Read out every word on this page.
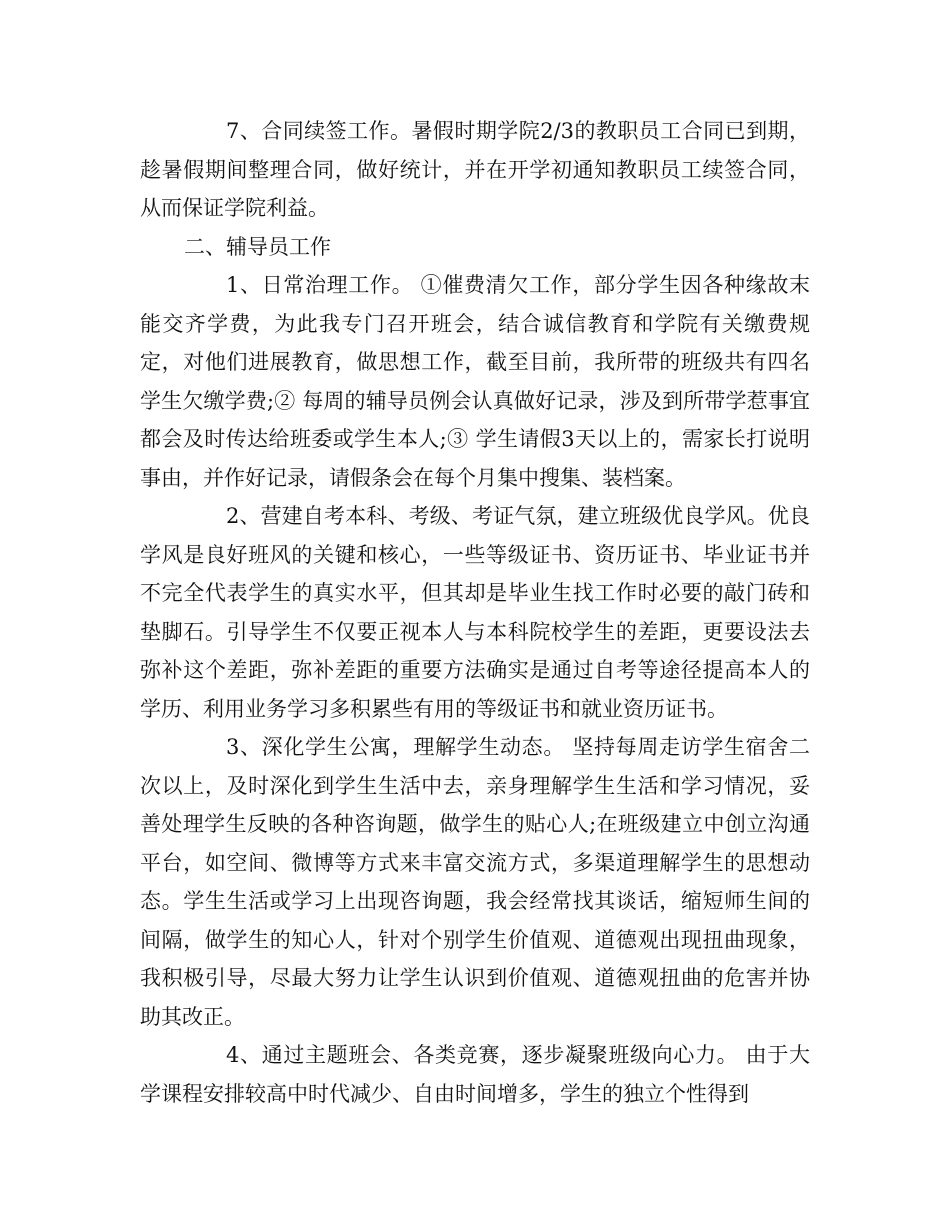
7、合同续签工作。暑假时期学院2/3的教职员工合同已到期，趁暑假期间整理合同，做好统计，并在开学初通知教职员工续签合同，从而保证学院利益。

二、辅导员工作

1、日常治理工作。 ①催费清欠工作，部分学生因各种缘故末能交齐学费，为此我专门召开班会，结合诚信教育和学院有关缴费规定，对他们进展教育，做思想工作，截至目前，我所带的班级共有四名学生欠缴学费;② 每周的辅导员例会认真做好记录，涉及到所带学惹事宜都会及时传达给班委或学生本人;③ 学生请假3天以上的，需家长打说明事由，并作好记录，请假条会在每个月集中搜集、装档案。

2、营建自考本科、考级、考证气氛，建立班级优良学风。优良学风是良好班风的关键和核心，一些等级证书、资历证书、毕业证书并不完全代表学生的真实水平，但其却是毕业生找工作时必要的敲门砖和垫脚石。引导学生不仅要正视本人与本科院校学生的差距，更要设法去弥补这个差距，弥补差距的重要方法确实是通过自考等途径提高本人的学历、利用业务学习多积累些有用的等级证书和就业资历证书。

3、深化学生公寓，理解学生动态。 坚持每周走访学生宿舍二次以上，及时深化到学生生活中去，亲身理解学生生活和学习情况，妥善处理学生反映的各种咨询题，做学生的贴心人;在班级建立中创立沟通平台，如空间、微博等方式来丰富交流方式，多渠道理解学生的思想动态。学生生活或学习上出现咨询题，我会经常找其谈话，缩短师生间的间隔，做学生的知心人，针对个别学生价值观、道德观出现扭曲现象，我积极引导，尽最大努力让学生认识到价值观、道德观扭曲的危害并协助其改正。

4、通过主题班会、各类竞赛，逐步凝聚班级向心力。 由于大学课程安排较高中时代减少、自由时间增多，学生的独立个性得到
